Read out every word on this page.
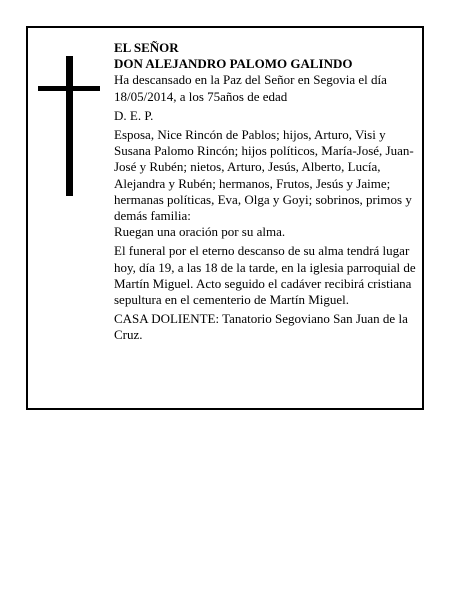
EL SEÑOR

DON ALEJANDRO PALOMO GALINDO

Ha descansado en la Paz del Señor en Segovia el día 18/05/2014, a los 75años de edad

D. E. P.

Esposa, Nice Rincón de Pablos; hijos, Arturo, Visi y Susana Palomo Rincón; hijos políticos, María-José, Juan-José y Rubén; nietos, Arturo, Jesús, Alberto, Lucía, Alejandra y Rubén; hermanos, Frutos, Jesús y Jaime; hermanas políticas, Eva, Olga y Goyi; sobrinos, primos y demás familia:

Ruegan una oración por su alma.

El funeral por el eterno descanso de su alma tendrá lugar hoy, día 19, a las 18 de la tarde, en la iglesia parroquial de Martín Miguel. Acto seguido el cadáver recibirá cristiana sepultura en el cementerio de Martín Miguel.

CASA DOLIENTE: Tanatorio Segoviano San Juan de la Cruz.
